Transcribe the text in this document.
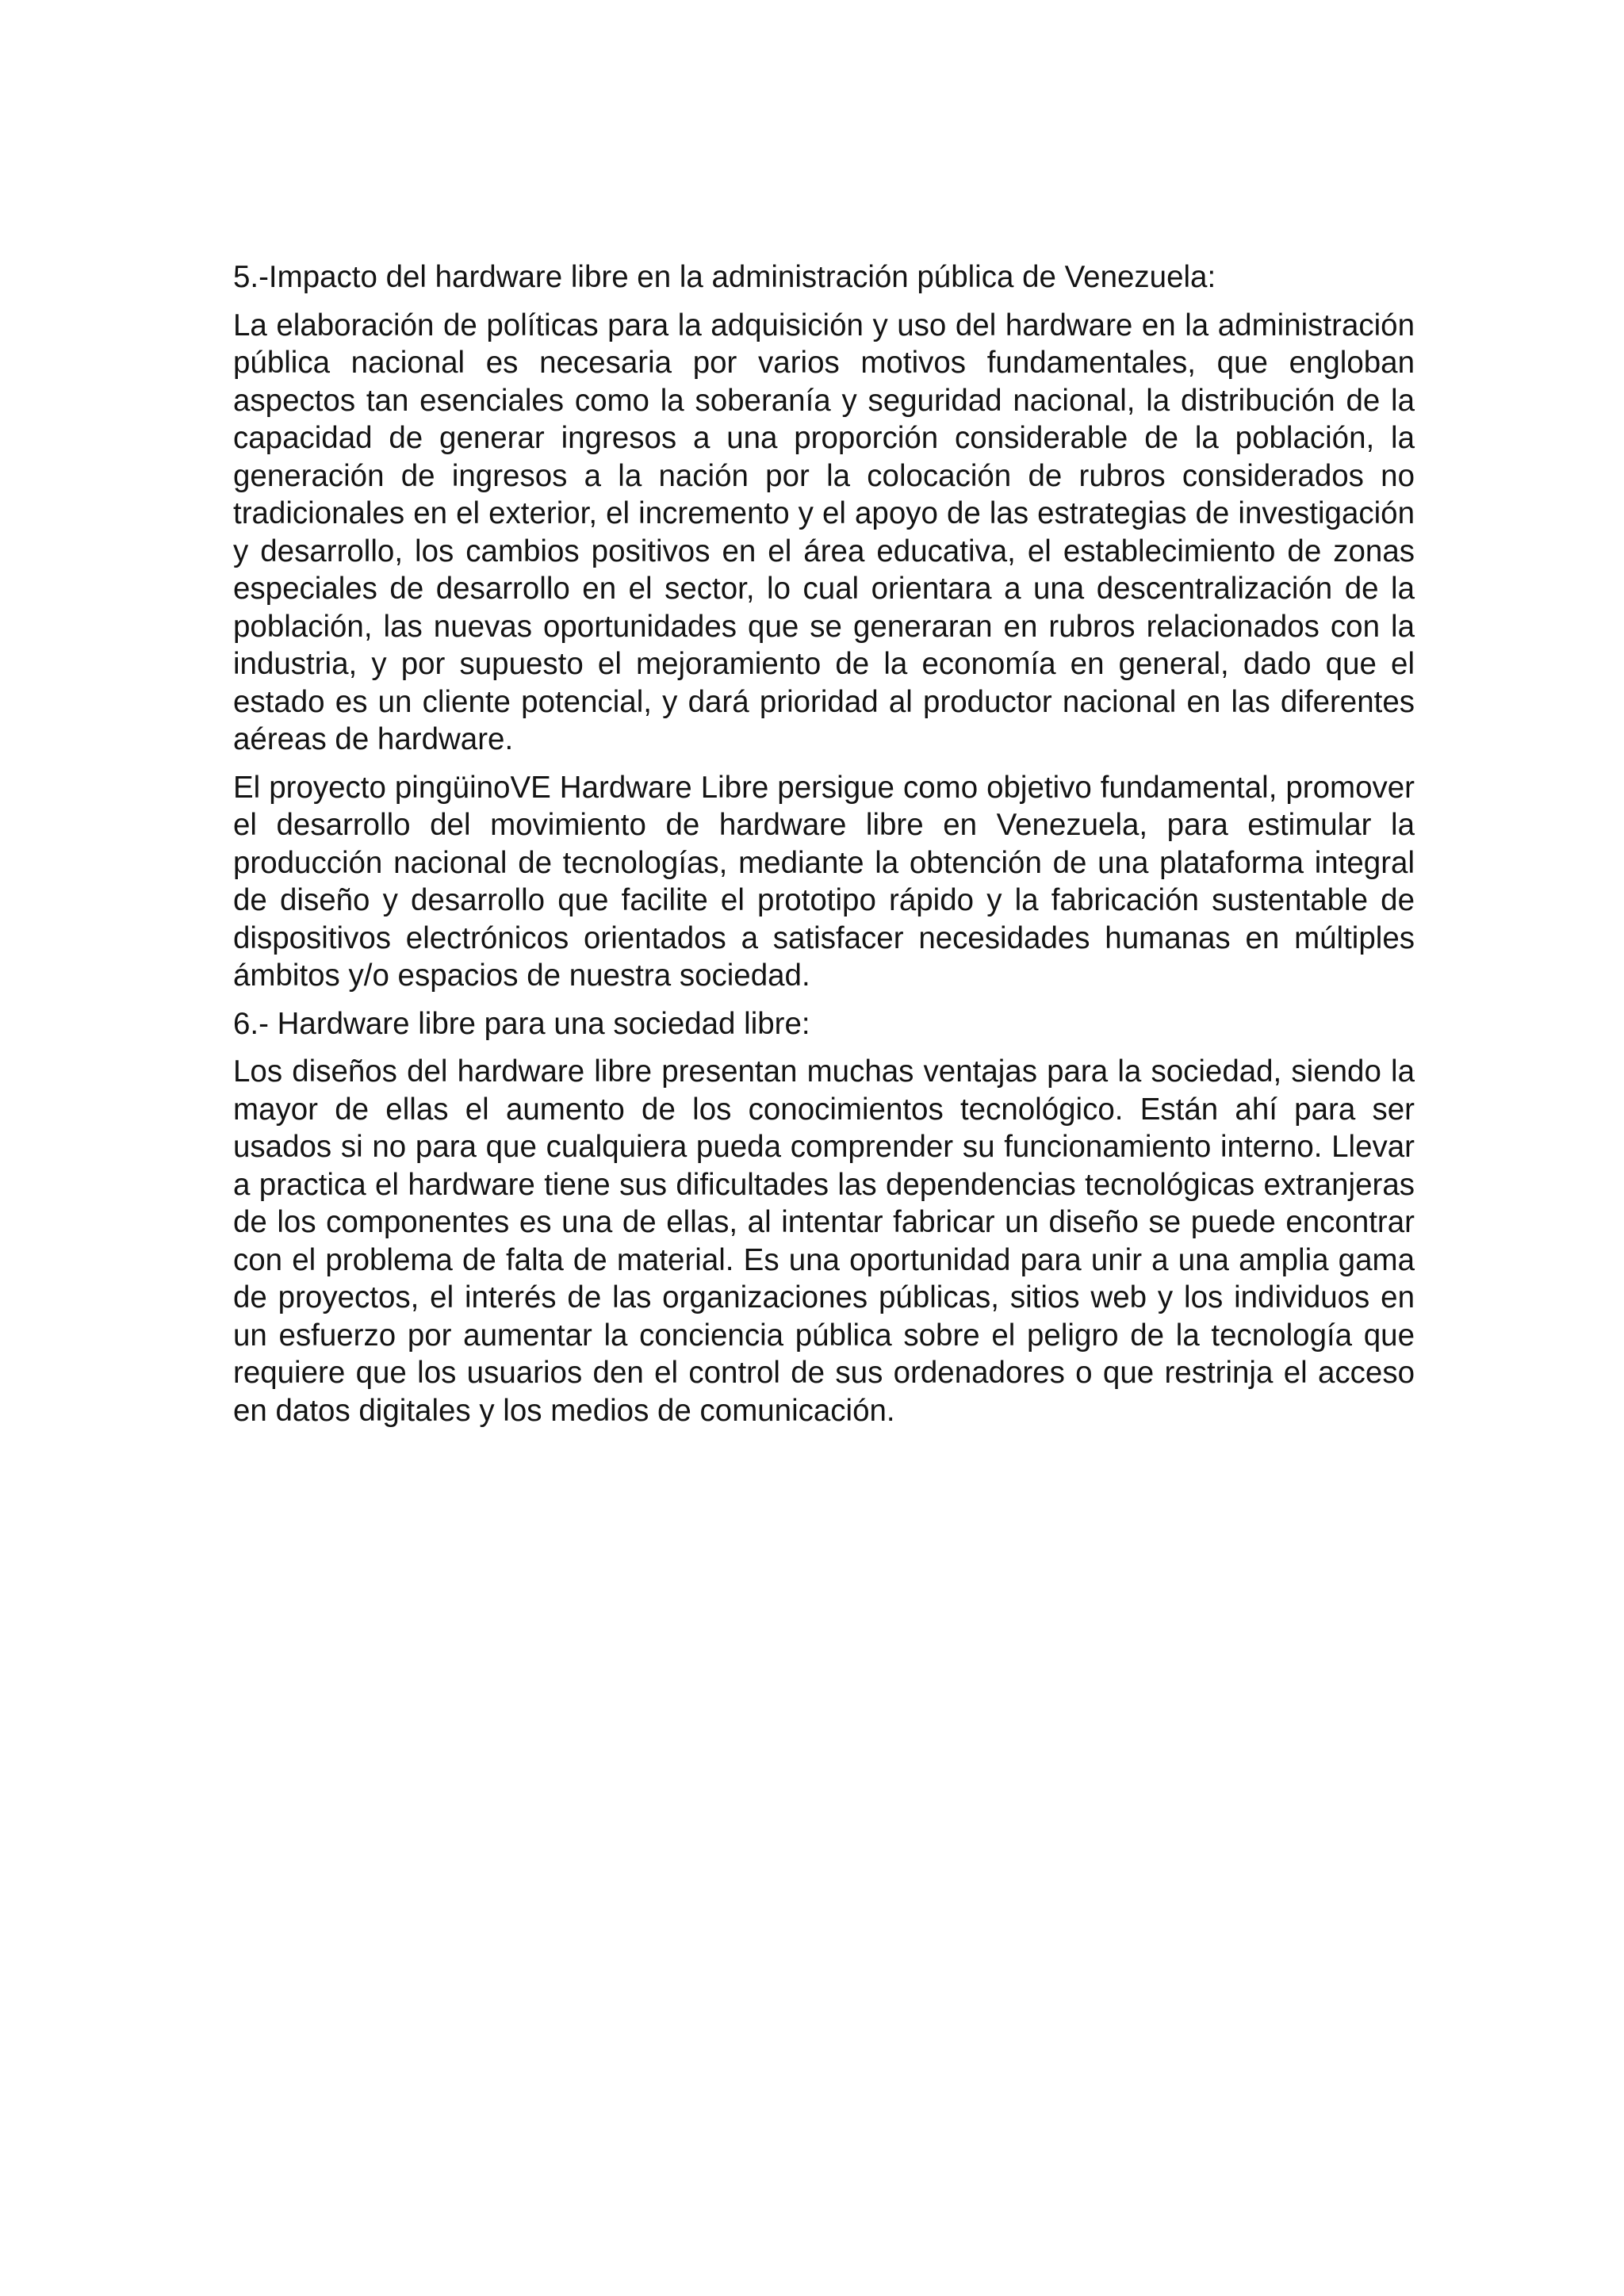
5.-Impacto del hardware libre en la administración pública de Venezuela:

La elaboración de políticas para la adquisición y uso del hardware en la administración pública nacional es necesaria por varios motivos fundamentales, que engloban aspectos tan esenciales como la soberanía y seguridad nacional, la distribución de la capacidad de generar ingresos a una proporción considerable de la población, la generación de ingresos a la nación por la colocación de rubros considerados no tradicionales en el exterior, el incremento y el apoyo de las estrategias de investigación y desarrollo, los cambios positivos en el área educativa, el establecimiento de zonas especiales de desarrollo en el sector, lo cual orientara a una descentralización de la población, las nuevas oportunidades que se generaran en rubros relacionados con la industria, y por supuesto el mejoramiento de la economía en general, dado que el estado es un cliente potencial, y dará prioridad al productor nacional en las diferentes aéreas de hardware.

El proyecto pingüinoVE Hardware Libre persigue como objetivo fundamental, promover el desarrollo del movimiento de hardware libre en Venezuela, para estimular la producción nacional de tecnologías, mediante la obtención de una plataforma integral de diseño y desarrollo que facilite el prototipo rápido y la fabricación sustentable de dispositivos electrónicos orientados a satisfacer necesidades humanas en múltiples ámbitos y/o espacios de nuestra sociedad.

6.- Hardware libre para una sociedad libre:

Los diseños del hardware libre presentan muchas ventajas para la sociedad, siendo la mayor de ellas el aumento de los conocimientos tecnológico. Están ahí para ser usados si no para que cualquiera pueda comprender su funcionamiento interno. Llevar a practica el hardware tiene sus dificultades las dependencias tecnológicas extranjeras de los componentes es una de ellas, al intentar fabricar un diseño se puede encontrar con el problema de falta de material. Es una oportunidad para unir a una amplia gama de proyectos, el interés de las organizaciones públicas, sitios web y los individuos en un esfuerzo por aumentar la conciencia pública sobre el peligro de la tecnología que requiere que los usuarios den el control de sus ordenadores o que restrinja el acceso en datos digitales y los medios de comunicación.
